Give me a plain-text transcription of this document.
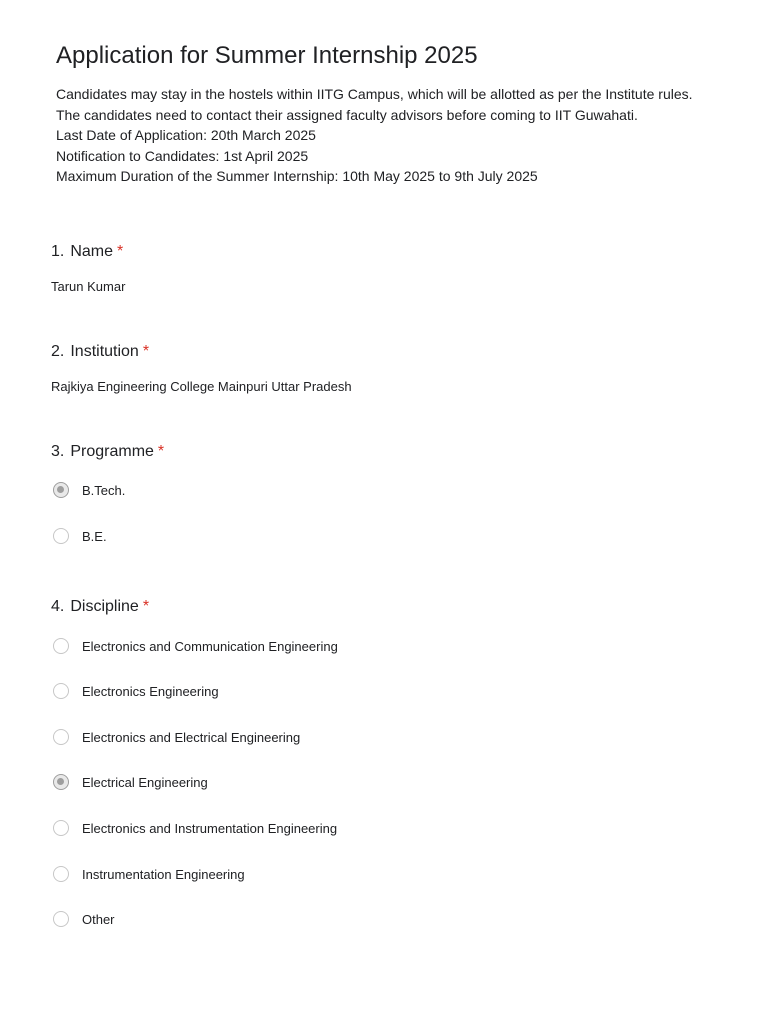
Application for Summer Internship 2025
Candidates may stay in the hostels within IITG Campus, which will be allotted as per the Institute rules.
The candidates need to contact their assigned faculty advisors before coming to IIT Guwahati.
Last Date of Application: 20th March 2025
Notification to Candidates: 1st April 2025
Maximum Duration of the Summer Internship: 10th May 2025 to 9th July 2025
1. Name *
Tarun Kumar
2. Institution *
Rajkiya Engineering College Mainpuri Uttar Pradesh
3. Programme *
B.Tech.
B.E.
4. Discipline *
Electronics and Communication Engineering
Electronics Engineering
Electronics and Electrical Engineering
Electrical Engineering
Electronics and Instrumentation Engineering
Instrumentation Engineering
Other
